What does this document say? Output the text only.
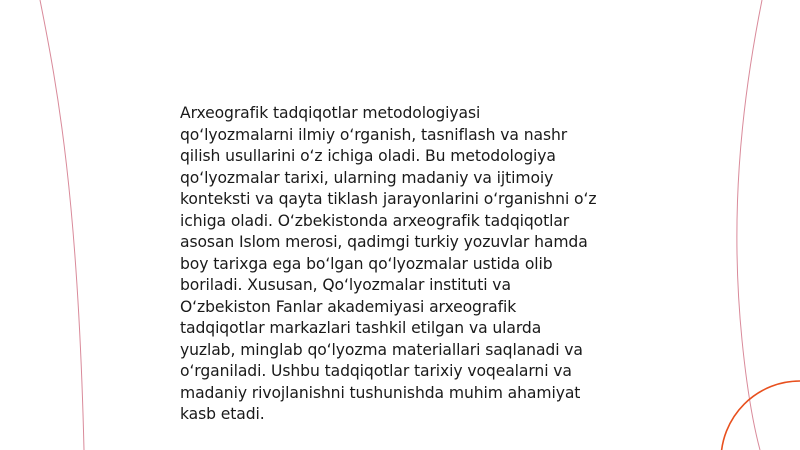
Arxeografik tadqiqotlar metodologiyasi
qo‘lyozmalarni ilmiy o‘rganish, tasniflash va nashr
qilish usullarini o‘z ichiga oladi. Bu metodologiya
qo‘lyozmalar tarixi, ularning madaniy va ijtimoiy
konteksti va qayta tiklash jarayonlarini o‘rganishni o‘z
ichiga oladi. O‘zbekistonda arxeografik tadqiqotlar
asosan Islom merosi, qadimgi turkiy yozuvlar hamda
boy tarixga ega bo‘lgan qo‘lyozmalar ustida olib
boriladi. Xususan, Qo‘lyozmalar instituti va
O‘zbekiston Fanlar akademiyasi arxeografik
tadqiqotlar markazlari tashkil etilgan va ularda
yuzlab, minglab qo‘lyozma materiallari saqlanadi va
o‘rganiladi. Ushbu tadqiqotlar tarixiy voqealarni va
madaniy rivojlanishni tushunishda muhim ahamiyat
kasb etadi.
